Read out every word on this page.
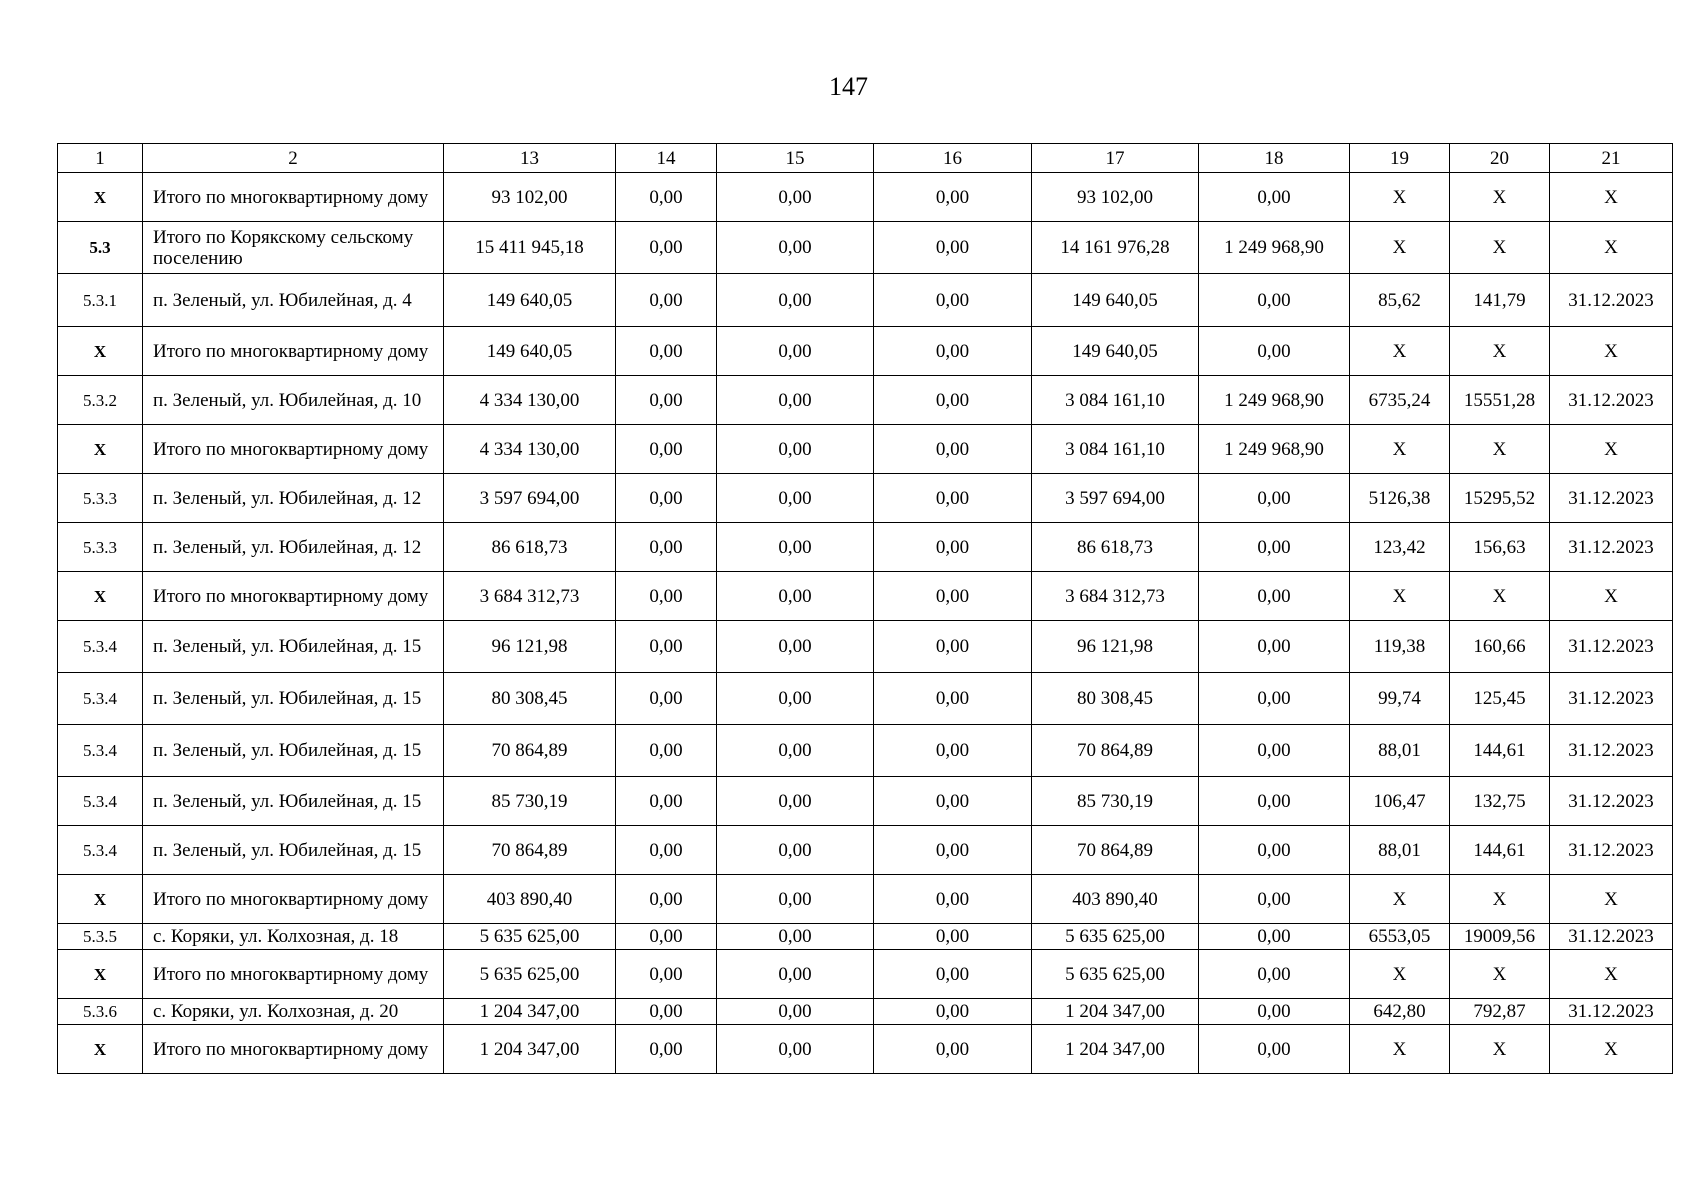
147
1	2	13	14	15	16	17	18	19	20	21
X	Итого по многоквартирному дому	93 102,00	0,00	0,00	0,00	93 102,00	0,00	X	X	X
5.3	Итого по Корякскому сельскому поселению	15 411 945,18	0,00	0,00	0,00	14 161 976,28	1 249 968,90	X	X	X
5.3.1	п. Зеленый, ул. Юбилейная, д. 4	149 640,05	0,00	0,00	0,00	149 640,05	0,00	85,62	141,79	31.12.2023
X	Итого по многоквартирному дому	149 640,05	0,00	0,00	0,00	149 640,05	0,00	X	X	X
5.3.2	п. Зеленый, ул. Юбилейная, д. 10	4 334 130,00	0,00	0,00	0,00	3 084 161,10	1 249 968,90	6735,24	15551,28	31.12.2023
X	Итого по многоквартирному дому	4 334 130,00	0,00	0,00	0,00	3 084 161,10	1 249 968,90	X	X	X
5.3.3	п. Зеленый, ул. Юбилейная, д. 12	3 597 694,00	0,00	0,00	0,00	3 597 694,00	0,00	5126,38	15295,52	31.12.2023
5.3.3	п. Зеленый, ул. Юбилейная, д. 12	86 618,73	0,00	0,00	0,00	86 618,73	0,00	123,42	156,63	31.12.2023
X	Итого по многоквартирному дому	3 684 312,73	0,00	0,00	0,00	3 684 312,73	0,00	X	X	X
5.3.4	п. Зеленый, ул. Юбилейная, д. 15	96 121,98	0,00	0,00	0,00	96 121,98	0,00	119,38	160,66	31.12.2023
5.3.4	п. Зеленый, ул. Юбилейная, д. 15	80 308,45	0,00	0,00	0,00	80 308,45	0,00	99,74	125,45	31.12.2023
5.3.4	п. Зеленый, ул. Юбилейная, д. 15	70 864,89	0,00	0,00	0,00	70 864,89	0,00	88,01	144,61	31.12.2023
5.3.4	п. Зеленый, ул. Юбилейная, д. 15	85 730,19	0,00	0,00	0,00	85 730,19	0,00	106,47	132,75	31.12.2023
5.3.4	п. Зеленый, ул. Юбилейная, д. 15	70 864,89	0,00	0,00	0,00	70 864,89	0,00	88,01	144,61	31.12.2023
X	Итого по многоквартирному дому	403 890,40	0,00	0,00	0,00	403 890,40	0,00	X	X	X
5.3.5	с. Коряки, ул. Колхозная, д. 18	5 635 625,00	0,00	0,00	0,00	5 635 625,00	0,00	6553,05	19009,56	31.12.2023
X	Итого по многоквартирному дому	5 635 625,00	0,00	0,00	0,00	5 635 625,00	0,00	X	X	X
5.3.6	с. Коряки, ул. Колхозная, д. 20	1 204 347,00	0,00	0,00	0,00	1 204 347,00	0,00	642,80	792,87	31.12.2023
X	Итого по многоквартирному дому	1 204 347,00	0,00	0,00	0,00	1 204 347,00	0,00	X	X	X
